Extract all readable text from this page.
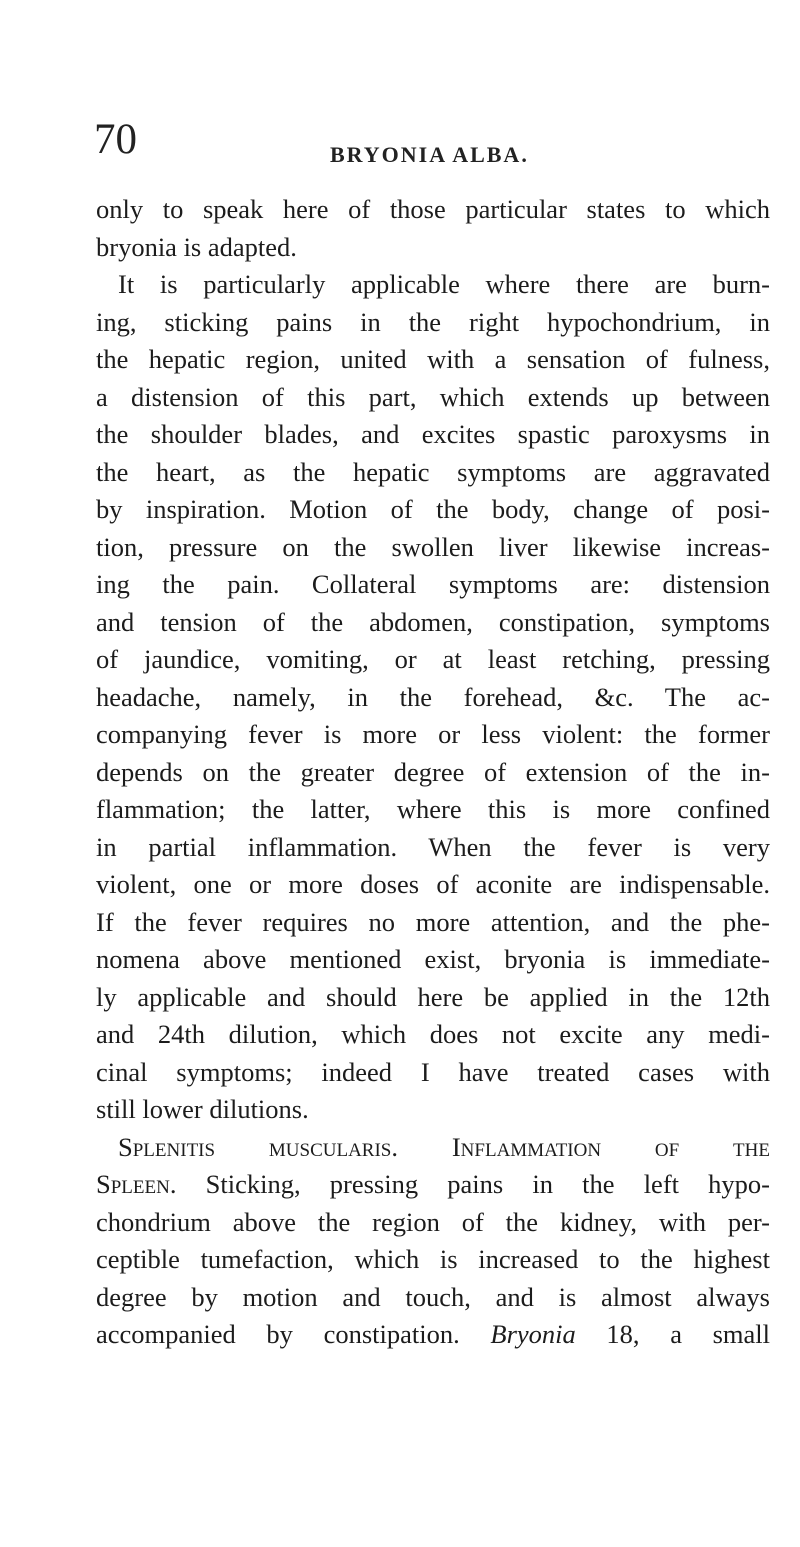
70	BRYONIA ALBA.
only to speak here of those particular states to which
bryonia is adapted.
It is particularly applicable where there are burn-
ing, sticking pains in the right hypochondrium, in
the hepatic region, united with a sensation of fulness,
a distension of this part, which extends up between
the shoulder blades, and excites spastic paroxysms in
the heart, as the hepatic symptoms are aggravated
by inspiration. Motion of the body, change of posi-
tion, pressure on the swollen liver likewise increas-
ing the pain. Collateral symptoms are: distension
and tension of the abdomen, constipation, symptoms
of jaundice, vomiting, or at least retching, pressing
headache, namely, in the forehead, &c. The ac-
companying fever is more or less violent: the former
depends on the greater degree of extension of the in-
flammation; the latter, where this is more confined
in partial inflammation. When the fever is very
violent, one or more doses of aconite are indispensable.
If the fever requires no more attention, and the phe-
nomena above mentioned exist, bryonia is immediate-
ly applicable and should here be applied in the 12th
and 24th dilution, which does not excite any medi-
cinal symptoms; indeed I have treated cases with
still lower dilutions.
Splenitis muscularis. Inflammation of the
Spleen. Sticking, pressing pains in the left hypo-
chondrium above the region of the kidney, with per-
ceptible tumefaction, which is increased to the highest
degree by motion and touch, and is almost always
accompanied by constipation. Bryonia 18, a small
